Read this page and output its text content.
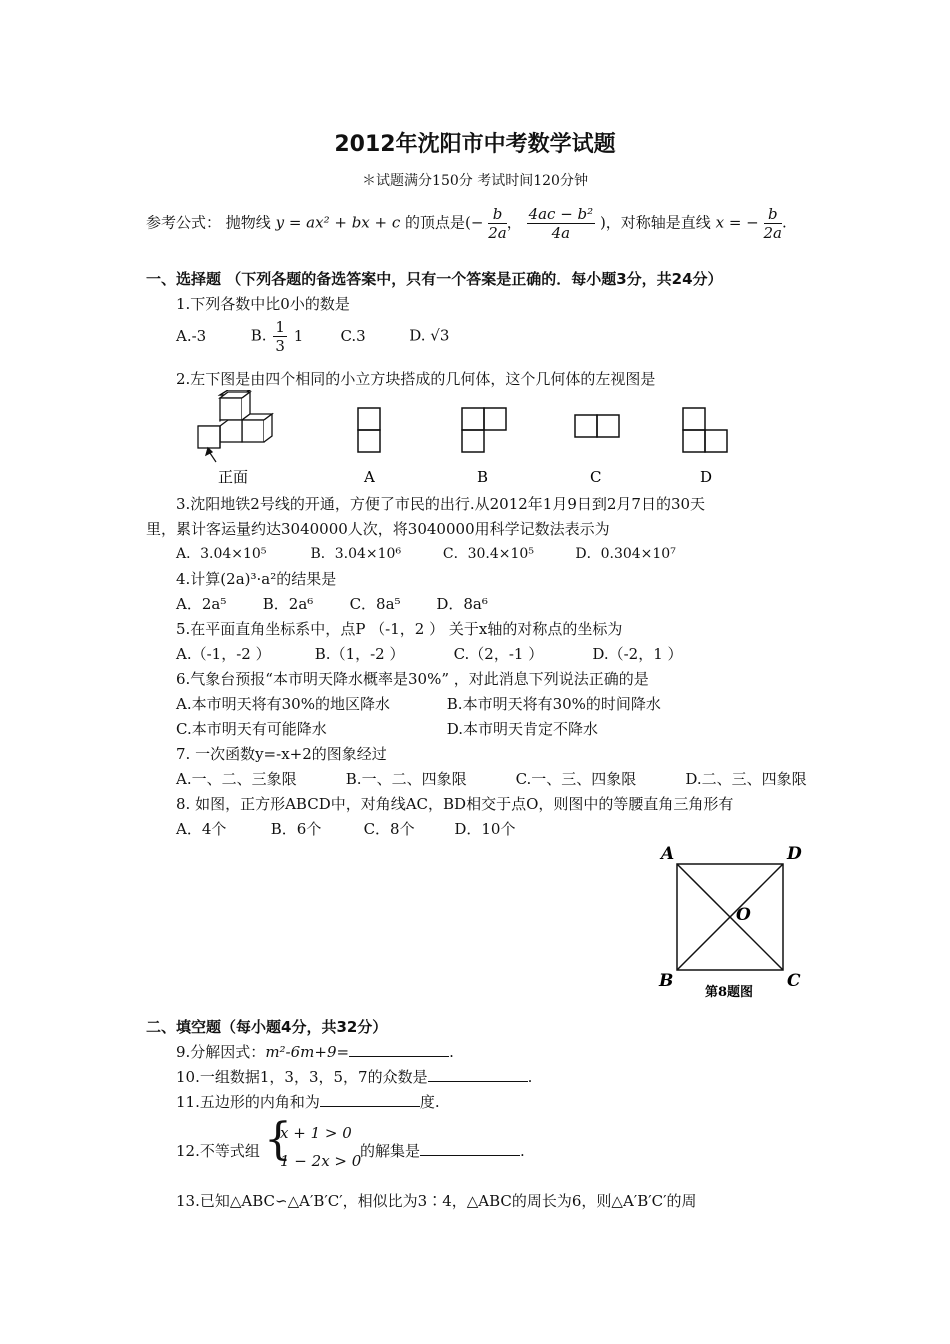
2012年沈阳市中考数学试题
＊试题满分150分 考试时间120分钟
参考公式： 抛物线 y = ax² + bx + c 的顶点是(− $\frac{b}{2a}$ ， $\frac{\text{4ac − b²}}{4a}$ )，对称轴是直线 x = − $\frac{b}{2a}$ .
一、选择题 （下列各题的备选答案中，只有一个答案是正确的．每小题3分，共24分）
1.下列各数中比0小的数是
A.-3	B. $\frac{1}{3} 1$ C.3	D. √3
2.左下图是由四个相同的小立方块搭成的几何体，这个几何体的左视图是
正面	A	B	C	D
3.沈阳地铁2号线的开通，方便了市民的出行.从2012年1月9日到2月7日的30天
里，累计客运量约达3040000人次，将3040000用科学记数法表示为
A．3.04×10⁵	B．3.04×10⁶	C．30.4×10⁵	D．0.304×10⁷
4.计算(2a)³·a²的结果是
A．2a⁵ B．2a⁶ C．8a⁵ D．8a⁶
5.在平面直角坐标系中，点P （-1，2 ） 关于x轴的对称点的坐标为
A.（-1，-2 ）	B.（1，-2 ）	C.（2，-1 ）	D.（-2，1 ）
6.气象台预报“本市明天降水概率是30%” ，对此消息下列说法正确的是
A.本市明天将有30%的地区降水	B.本市明天将有30%的时间降水
C.本市明天有可能降水	D.本市明天肯定不降水
7. 一次函数y=-x+2的图象经过
A.一、二、三象限	B.一、二、四象限	C.一、三、四象限	D.二、三、四象限
8. 如图，正方形ABCD中，对角线AC，BD相交于点O，则图中的等腰直角三角形有
A．4个	B．6个	C．8个	D．10个
A	D
O
B	C
第8题图
二、填空题（每小题4分，共32分）
9.分解因式：m²-6m+9=	.
10.一组数据1，3，3，5，7的众数是	.
11.五边形的内角和为	度.
12.不等式组 {
x + 1 > 0
1 − 2x > 0
的解集是	.
13.已知△ABC∽△A′B′C′，相似比为3∶4，△ABC的周长为6，则△A′B′C′的周
